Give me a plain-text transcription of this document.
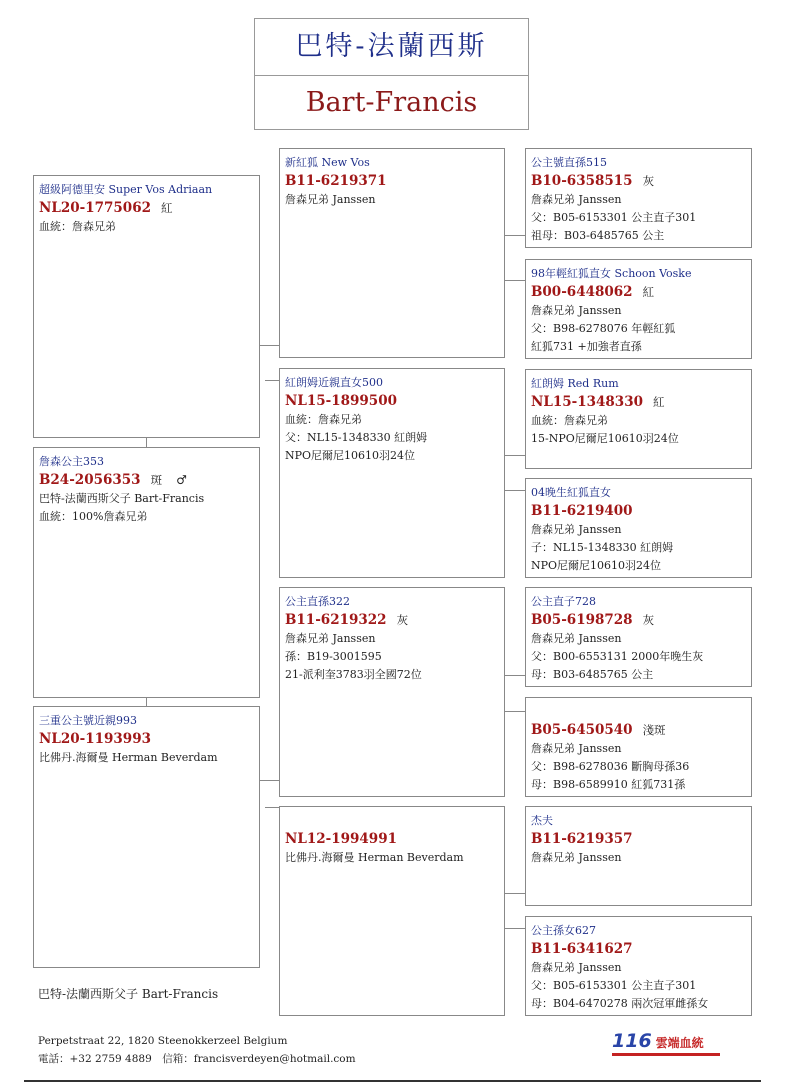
巴特-法蘭西斯
Bart-Francis
超級阿德里安 Super Vos Adriaan
NL20-1775062 紅
血統：詹森兄弟
詹森公主353
B24-2056353 斑 ♂
巴特-法蘭西斯父子 Bart-Francis
血統：100%詹森兄弟
三重公主號近親993
NL20-1193993
比佛丹.海爾曼 Herman Beverdam
新紅狐 New Vos
B11-6219371
詹森兄弟 Janssen
紅朗姆近親直女500
NL15-1899500
血統：詹森兄弟
父：NL15-1348330 紅朗姆
NPO尼爾尼10610羽24位
公主直孫322
B11-6219322 灰
詹森兄弟 Janssen
孫：B19-3001595
21-派利奎3783羽全國72位
NL12-1994991
比佛丹.海爾曼 Herman Beverdam
公主號直孫515
B10-6358515 灰
詹森兄弟 Janssen
父：B05-6153301 公主直子301
祖母：B03-6485765 公主
98年輕紅狐直女 Schoon Voske
B00-6448062 紅
詹森兄弟 Janssen
父：B98-6278076 年輕紅狐
紅狐731 +加強者直孫
紅朗姆 Red Rum
NL15-1348330 紅
血統：詹森兄弟
15-NPO尼爾尼10610羽24位
04晚生紅狐直女
B11-6219400
詹森兄弟 Janssen
子：NL15-1348330 紅朗姆
NPO尼爾尼10610羽24位
公主直子728
B05-6198728 灰
詹森兄弟 Janssen
父：B00-6553131 2000年晚生灰
母：B03-6485765 公主
B05-6450540 淺斑
詹森兄弟 Janssen
父：B98-6278036 斷胸母孫36
母：B98-6589910 紅狐731孫
杰夫
B11-6219357
詹森兄弟 Janssen
公主孫女627
B11-6341627
詹森兄弟 Janssen
父：B05-6153301 公主直子301
母：B04-6470278 兩次冠軍雌孫女
巴特-法蘭西斯父子 Bart-Francis
Perpetstraat 22, 1820 Steenokkerzeel Belgium
電話：+32 2759 4889　信箱：francisverdeyen@hotmail.com
116 雲端血統
